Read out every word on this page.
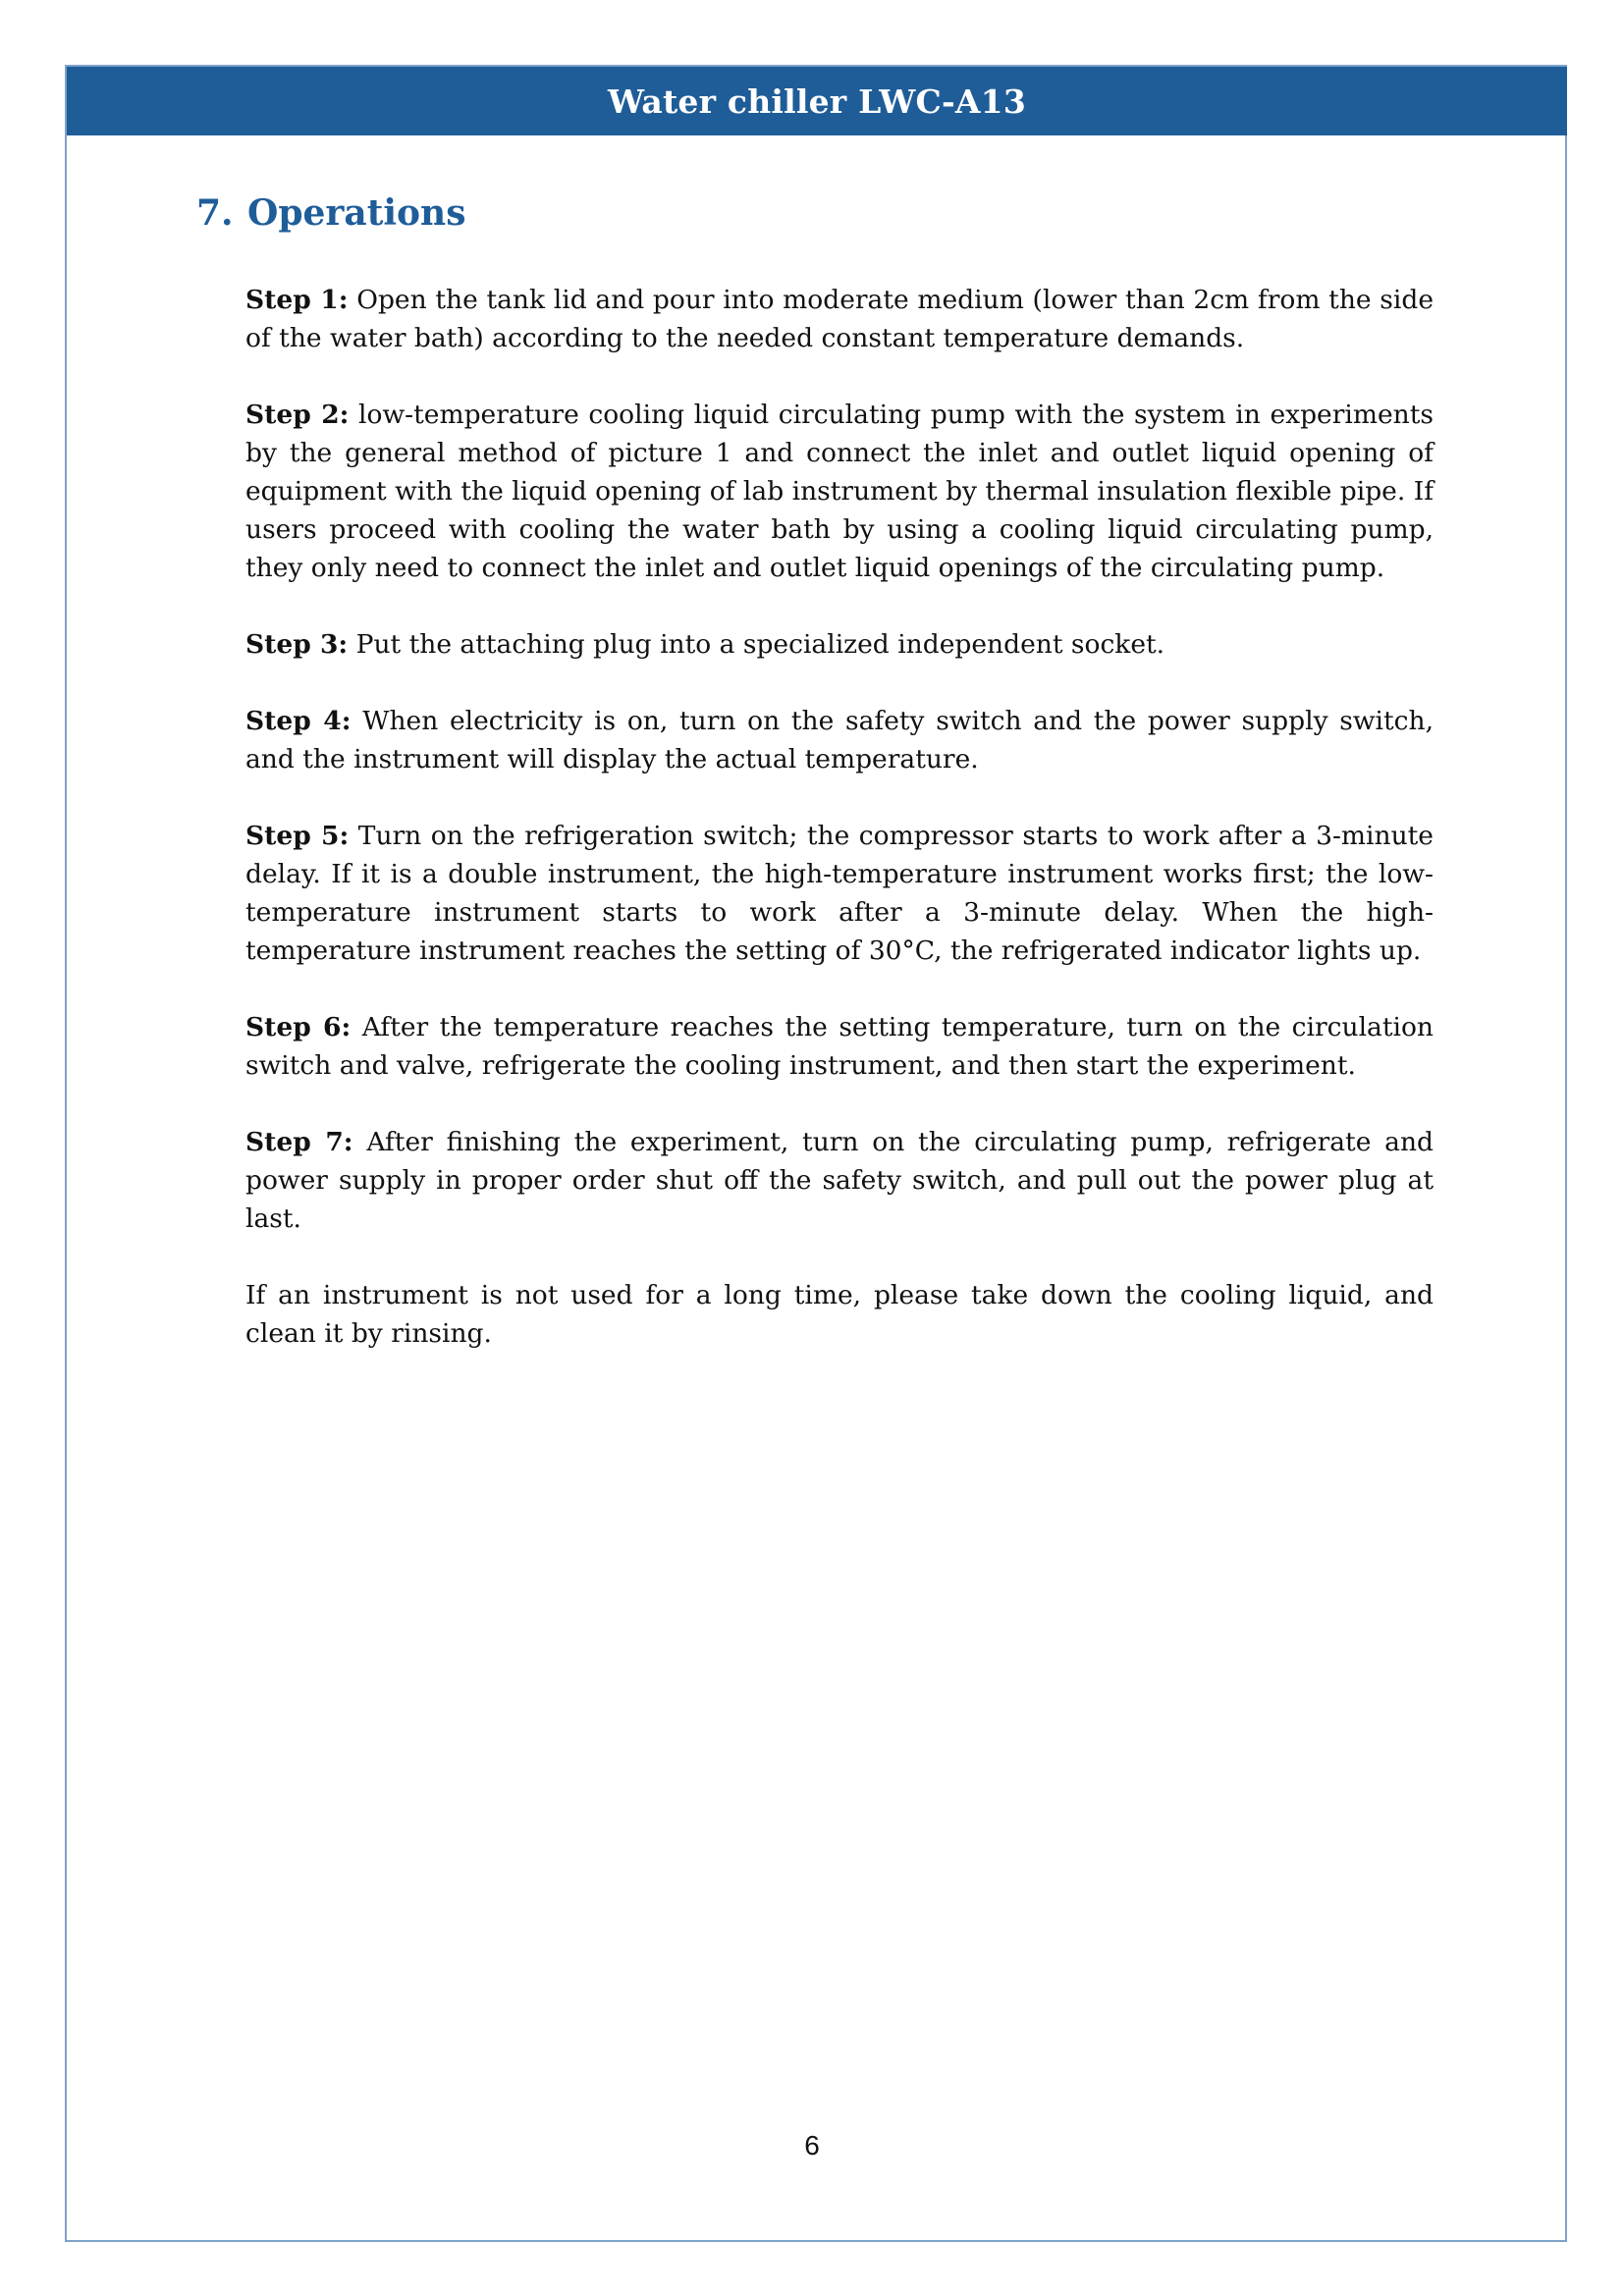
Water chiller LWC-A13
7. Operations

Step 1: Open the tank lid and pour into moderate medium (lower than 2cm from the side of the water bath) according to the needed constant temperature demands.

Step 2: low-temperature cooling liquid circulating pump with the system in experiments by the general method of picture 1 and connect the inlet and outlet liquid opening of equipment with the liquid opening of lab instrument by thermal insulation flexible pipe. If users proceed with cooling the water bath by using a cooling liquid circulating pump, they only need to connect the inlet and outlet liquid openings of the circulating pump.

Step 3: Put the attaching plug into a specialized independent socket.

Step 4: When electricity is on, turn on the safety switch and the power supply switch, and the instrument will display the actual temperature.

Step 5: Turn on the refrigeration switch; the compressor starts to work after a 3-minute delay. If it is a double instrument, the high-temperature instrument works first; the low-temperature instrument starts to work after a 3-minute delay. When the high-temperature instrument reaches the setting of 30°C, the refrigerated indicator lights up.

Step 6: After the temperature reaches the setting temperature, turn on the circulation switch and valve, refrigerate the cooling instrument, and then start the experiment.

Step 7: After finishing the experiment, turn on the circulating pump, refrigerate and power supply in proper order shut off the safety switch, and pull out the power plug at last.

If an instrument is not used for a long time, please take down the cooling liquid, and clean it by rinsing.

6
